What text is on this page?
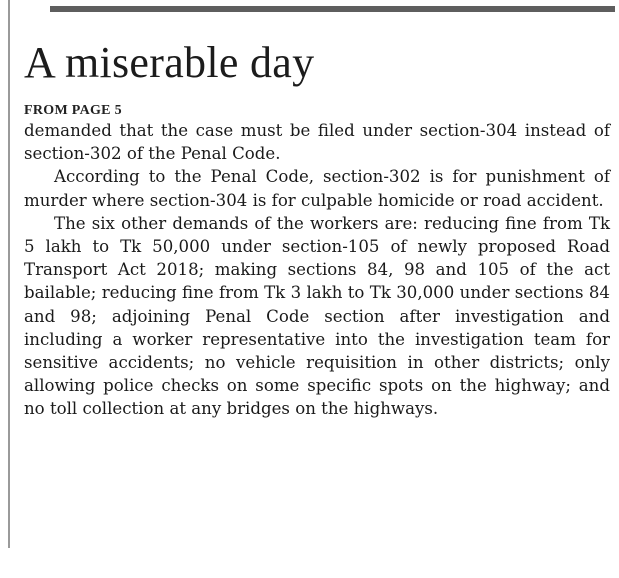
A miserable day
FROM PAGE 5

demanded that the case must be filed under section-304 instead of section-302 of the Penal Code.

According to the Penal Code, section-302 is for punishment of murder where section-304 is for culpable homicide or road accident.

The six other demands of the workers are: reducing fine from Tk 5 lakh to Tk 50,000 under section-105 of newly proposed Road Transport Act 2018; making sections 84, 98 and 105 of the act bailable; reducing fine from Tk 3 lakh to Tk 30,000 under sections 84 and 98; adjoining Penal Code section after investigation and including a worker representative into the investigation team for sensitive accidents; no vehicle requisition in other districts; only allowing police checks on some specific spots on the highway; and no toll collection at any bridges on the highways.
